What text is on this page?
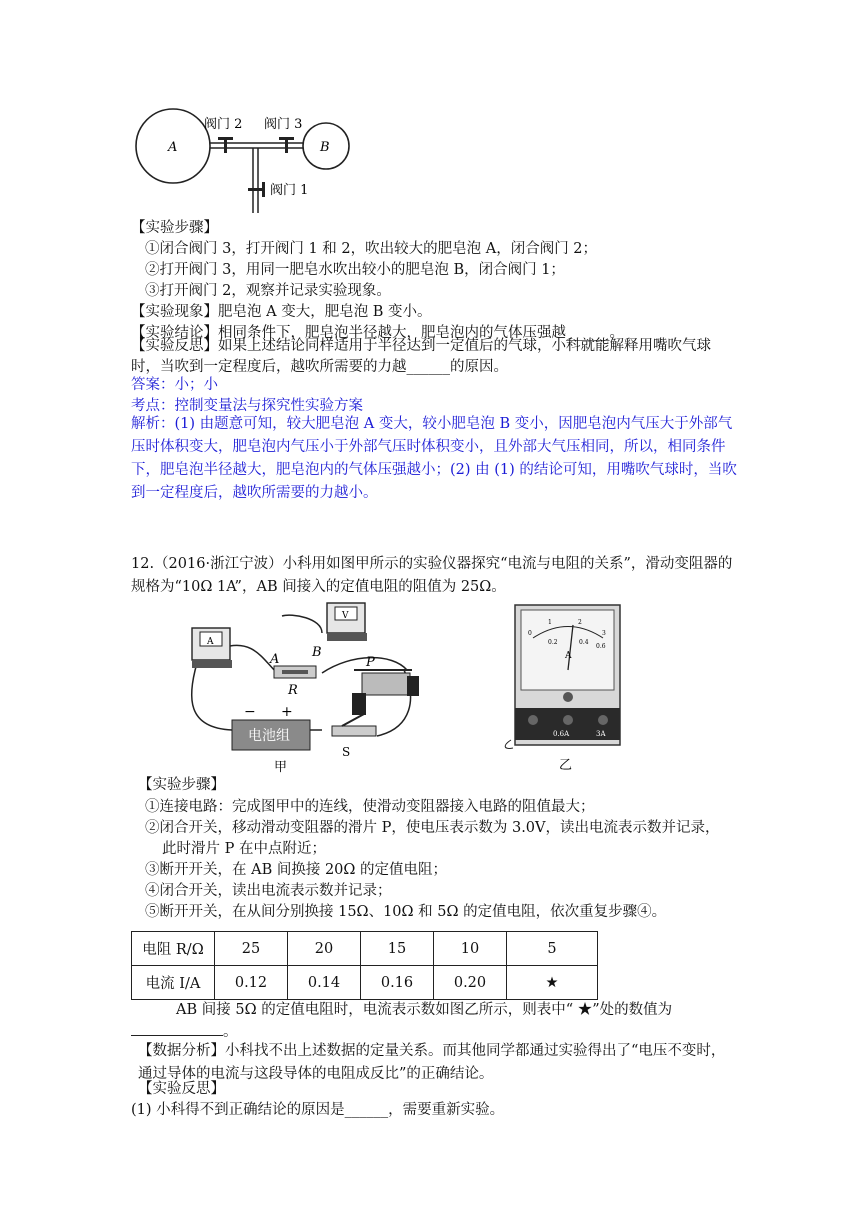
A	B
阀门 2 阀门 3
阀门 1
【实验步骤】
①闭合阀门 3，打开阀门 1 和 2，吹出较大的肥皂泡 A，闭合阀门 2；
②打开阀门 3，用同一肥皂水吹出较小的肥皂泡 B，闭合阀门 1；
③打开阀门 2，观察并记录实验现象。
【实验现象】肥皂泡 A 变大，肥皂泡 B 变小。
【实验结论】相同条件下，肥皂泡半径越大，肥皂泡内的气体压强越______。
【实验反思】如果上述结论同样适用于半径达到一定值后的气球，小科就能解释用嘴吹气球时，当吹到一定程度后，越吹所需要的力越______的原因。
答案：小；小
考点：控制变量法与探究性实验方案
解析：(1) 由题意可知，较大肥皂泡 A 变大，较小肥皂泡 B 变小，因肥皂泡内气压大于外部气压时体积变大，肥皂泡内气压小于外部气压时体积变小，且外部大气压相同，所以，相同条件下，肥皂泡半径越大，肥皂泡内的气体压强越小；(2) 由 (1) 的结论可知，用嘴吹气球时，当吹到一定程度后，越吹所需要的力越小。
12.（2016·浙江宁波）小科用如图甲所示的实验仪器探究“电流与电阻的关系”，滑动变阻器的规格为“10Ω 1A”，AB 间接入的定值电阻的阻值为 25Ω。
A
V
A	B
R
P
电池组
− +
S
甲
0
1	2
3
0.2	0.4
0.6
A
0.6A	3A
乙
【实验步骤】
①连接电路：完成图甲中的连线，使滑动变阻器接入电路的阻值最大；
②闭合开关，移动滑动变阻器的滑片 P，使电压表示数为 3.0V，读出电流表示数并记录，
此时滑片 P 在中点附近；
③断开开关，在 AB 间换接 20Ω 的定值电阻；
④闭合开关，读出电流表示数并记录；
⑤断开开关，在从间分别换接 15Ω、10Ω 和 5Ω 的定值电阻，依次重复步骤④。
电阻 R/Ω	25	20	15	10	5
电流 I/A	0.12	0.14	0.16	0.20	★
AB 间接 5Ω 的定值电阻时，电流表示数如图乙所示，则表中“ ★”处的数值为
。
【数据分析】小科找不出上述数据的定量关系。而其他同学都通过实验得出了“电压不变时，通过导体的电流与这段导体的电阻成反比”的正确结论。
【实验反思】
(1) 小科得不到正确结论的原因是______，需要重新实验。
